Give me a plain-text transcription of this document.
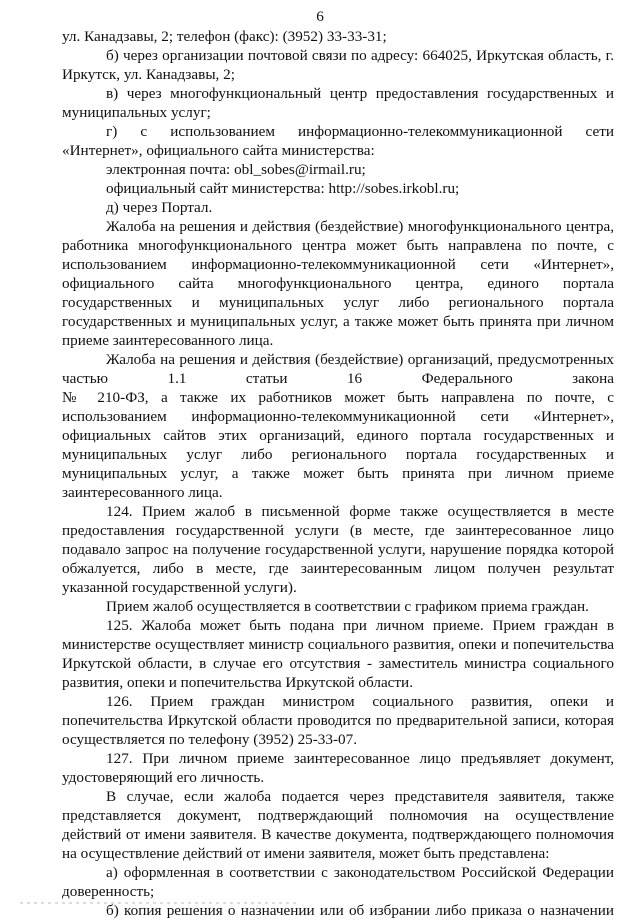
6
ул. Канадзавы, 2; телефон (факс): (3952) 33-33-31;
б) через организации почтовой связи по адресу: 664025, Иркутская область, г.
Иркутск, ул. Канадзавы, 2;
в) через многофункциональный центр предоставления государственных и
муниципальных услуг;
г) с использованием информационно-телекоммуникационной сети
«Интернет», официального сайта министерства:
электронная почта: obl_sobes@irmail.ru;
официальный сайт министерства: http://sobes.irkobl.ru;
д) через Портал.
Жалоба на решения и действия (бездействие) многофункционального центра,
работника многофункционального центра может быть направлена по почте, с
использованием информационно-телекоммуникационной сети «Интернет»,
официального сайта многофункционального центра, единого портала
государственных и муниципальных услуг либо регионального портала
государственных и муниципальных услуг, а также может быть принята при личном
приеме заинтересованного лица.
Жалоба на решения и действия (бездействие) организаций, предусмотренных
частью 1.1 статьи 16 Федерального закона
№ 210-ФЗ, а также их работников может быть направлена по почте, с
использованием информационно-телекоммуникационной сети «Интернет»,
официальных сайтов этих организаций, единого портала государственных и
муниципальных услуг либо регионального портала государственных и
муниципальных услуг, а также может быть принята при личном приеме
заинтересованного лица.
124. Прием жалоб в письменной форме также осуществляется в месте
предоставления государственной услуги (в месте, где заинтересованное лицо
подавало запрос на получение государственной услуги, нарушение порядка которой
обжалуется, либо в месте, где заинтересованным лицом получен результат
указанной государственной услуги).
Прием жалоб осуществляется в соответствии с графиком приема граждан.
125. Жалоба может быть подана при личном приеме. Прием граждан в
министерстве осуществляет министр социального развития, опеки и попечительства
Иркутской области, в случае его отсутствия - заместитель министра социального
развития, опеки и попечительства Иркутской области.
126. Прием граждан министром социального развития, опеки и
попечительства Иркутской области проводится по предварительной записи, которая
осуществляется по телефону (3952) 25-33-07.
127. При личном приеме заинтересованное лицо предъявляет документ,
удостоверяющий его личность.
В случае, если жалоба подается через представителя заявителя, также
представляется документ, подтверждающий полномочия на осуществление
действий от имени заявителя. В качестве документа, подтверждающего полномочия
на осуществление действий от имени заявителя, может быть представлена:
а) оформленная в соответствии с законодательством Российской Федерации
доверенность;
б) копия решения о назначении или об избрании либо приказа о назначении
